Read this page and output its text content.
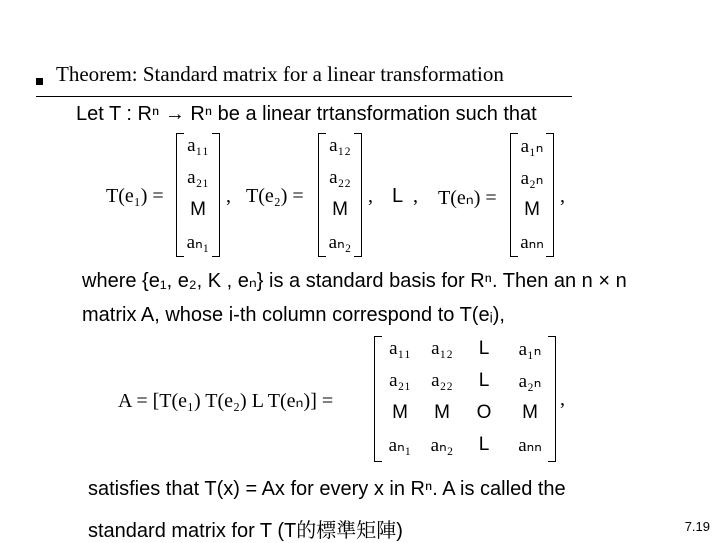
Theorem: Standard matrix for a linear transformation
Let T : Rⁿ → Rⁿ be a linear trtansformation such that
T(e₁) =
a₁₁
a₂₁
M
aₙ₁
, T(e₂) =
a₁₂
a₂₂
M
aₙ₂
, L , T(eₙ) =
a₁ₙ
a₂ₙ
M
aₙₙ
,
where {e₁, e₂, K , eₙ} is a standard basis for Rⁿ. Then an n × n
matrix A, whose i-th column correspond to T(eᵢ),
A = [T(e₁) T(e₂) L T(eₙ)] =
a₁₁	a₁₂	L	a₁ₙ
a₂₁	a₂₂	L	a₂ₙ
M	M	O	M
aₙ₁	aₙ₂	L	aₙₙ
,
satisfies that T(x) = Ax for every x in Rⁿ. A is called the
standard matrix for T (T的標準矩陣)	7.19
